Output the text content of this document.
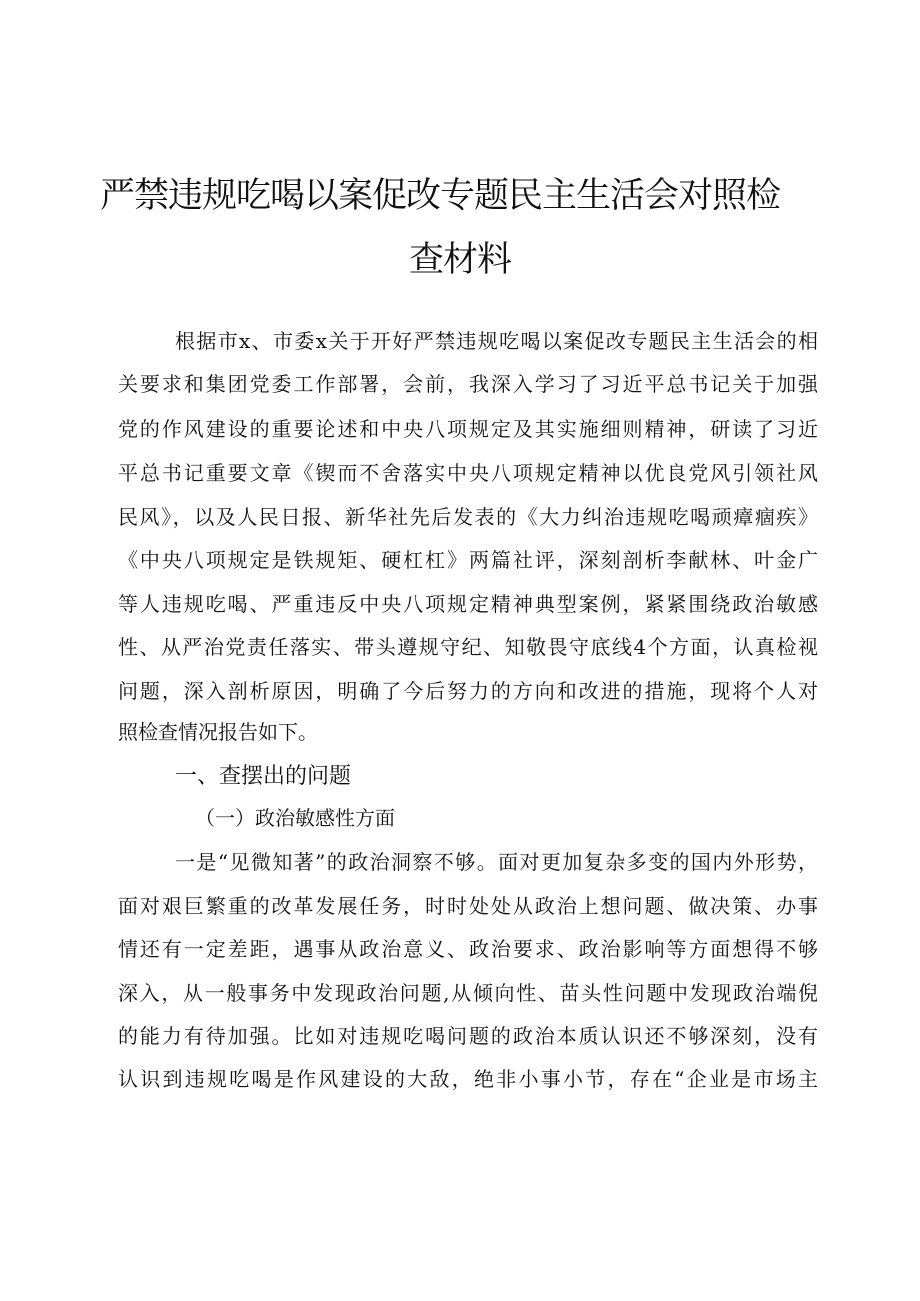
严禁违规吃喝以案促改专题民主生活会对照检
查材料
根据市x、市委x关于开好严禁违规吃喝以案促改专题民主生活会的相
关要求和集团党委工作部署，会前，我深入学习了习近平总书记关于加强
党的作风建设的重要论述和中央八项规定及其实施细则精神，研读了习近
平总书记重要文章《锲而不舍落实中央八项规定精神以优良党风引领社风
民风》，以及人民日报、新华社先后发表的《大力纠治违规吃喝顽瘴痼疾》
《中央八项规定是铁规矩、硬杠杠》两篇社评，深刻剖析李献林、叶金广
等人违规吃喝、严重违反中央八项规定精神典型案例，紧紧围绕政治敏感
性、从严治党责任落实、带头遵规守纪、知敬畏守底线4个方面，认真检视
问题，深入剖析原因，明确了今后努力的方向和改进的措施，现将个人对
照检查情况报告如下。
一、查摆出的问题
（一）政治敏感性方面
一是“见微知著”的政治洞察不够。面对更加复杂多变的国内外形势，
面对艰巨繁重的改革发展任务，时时处处从政治上想问题、做决策、办事
情还有一定差距，遇事从政治意义、政治要求、政治影响等方面想得不够
深入，从一般事务中发现政治问题,从倾向性、苗头性问题中发现政治端倪
的能力有待加强。比如对违规吃喝问题的政治本质认识还不够深刻，没有
认识到违规吃喝是作风建设的大敌，绝非小事小节，存在“企业是市场主
